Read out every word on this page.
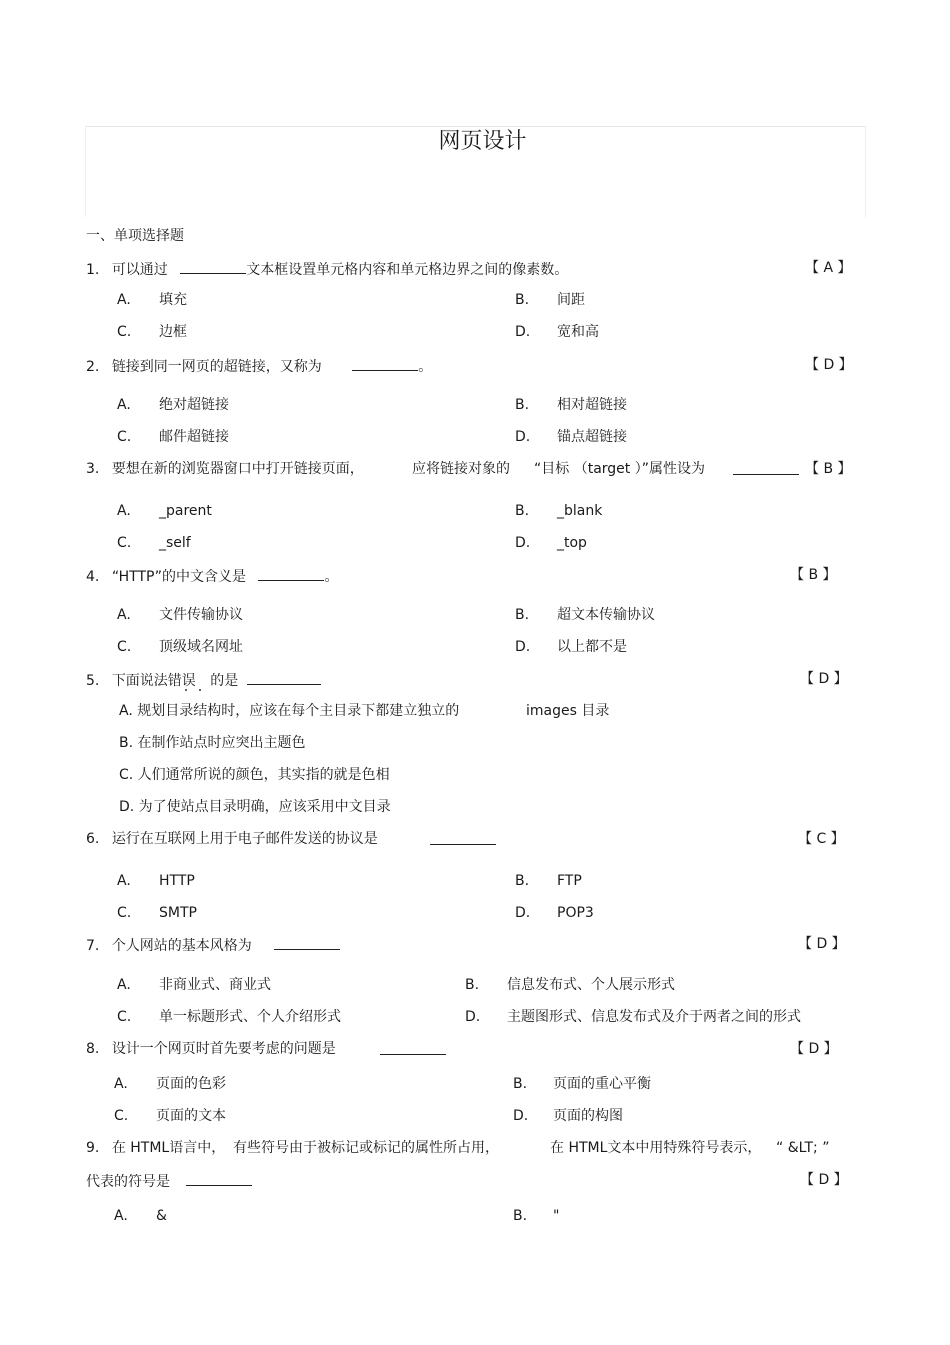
网页设计
一、单项选择题
1. 可以通过	文本框设置单元格内容和单元格边界之间的像素数。	【 A 】
A. 填充	B. 间距
C. 边框	D. 宽和高
2. 链接到同一网页的超链接，又称为	。	【 D 】
A. 绝对超链接	B. 相对超链接
C. 邮件超链接	D. 锚点超链接
3. 要想在新的浏览器窗口中打开链接页面，	应将链接对象的 “目标 （target ）”属性设为	【 B 】
A. _parent	B. _blank
C. _self	D. _top
4. “HTTP”的中文含义是	。	【 B 】
A. 文件传输协议	B. 超文本传输协议
C. 顶级域名网址	D. 以上都不是
5. 下面说法错误 的是	【 D 】
A. 规划目录结构时，应该在每个主目录下都建立独立的	images 目录
B. 在制作站点时应突出主题色
C. 人们通常所说的颜色，其实指的就是色相
D. 为了使站点目录明确，应该采用中文目录
6. 运行在互联网上用于电子邮件发送的协议是	【 C 】
A. HTTP	B. FTP
C. SMTP	D. POP3
7. 个人网站的基本风格为	【 D 】
A. 非商业式、商业式	B. 信息发布式、个人展示形式
C. 单一标题形式、个人介绍形式	D. 主题图形式、信息发布式及介于两者之间的形式
8. 设计一个网页时首先要考虑的问题是	【 D 】
A. 页面的色彩	B. 页面的重心平衡
C. 页面的文本	D. 页面的构图
9. 在 HTML语言中， 有些符号由于被标记或标记的属性所占用，	在 HTML文本中用特殊符号表示， “ &LT; ”
代表的符号是	【 D 】
A. &	B. "
